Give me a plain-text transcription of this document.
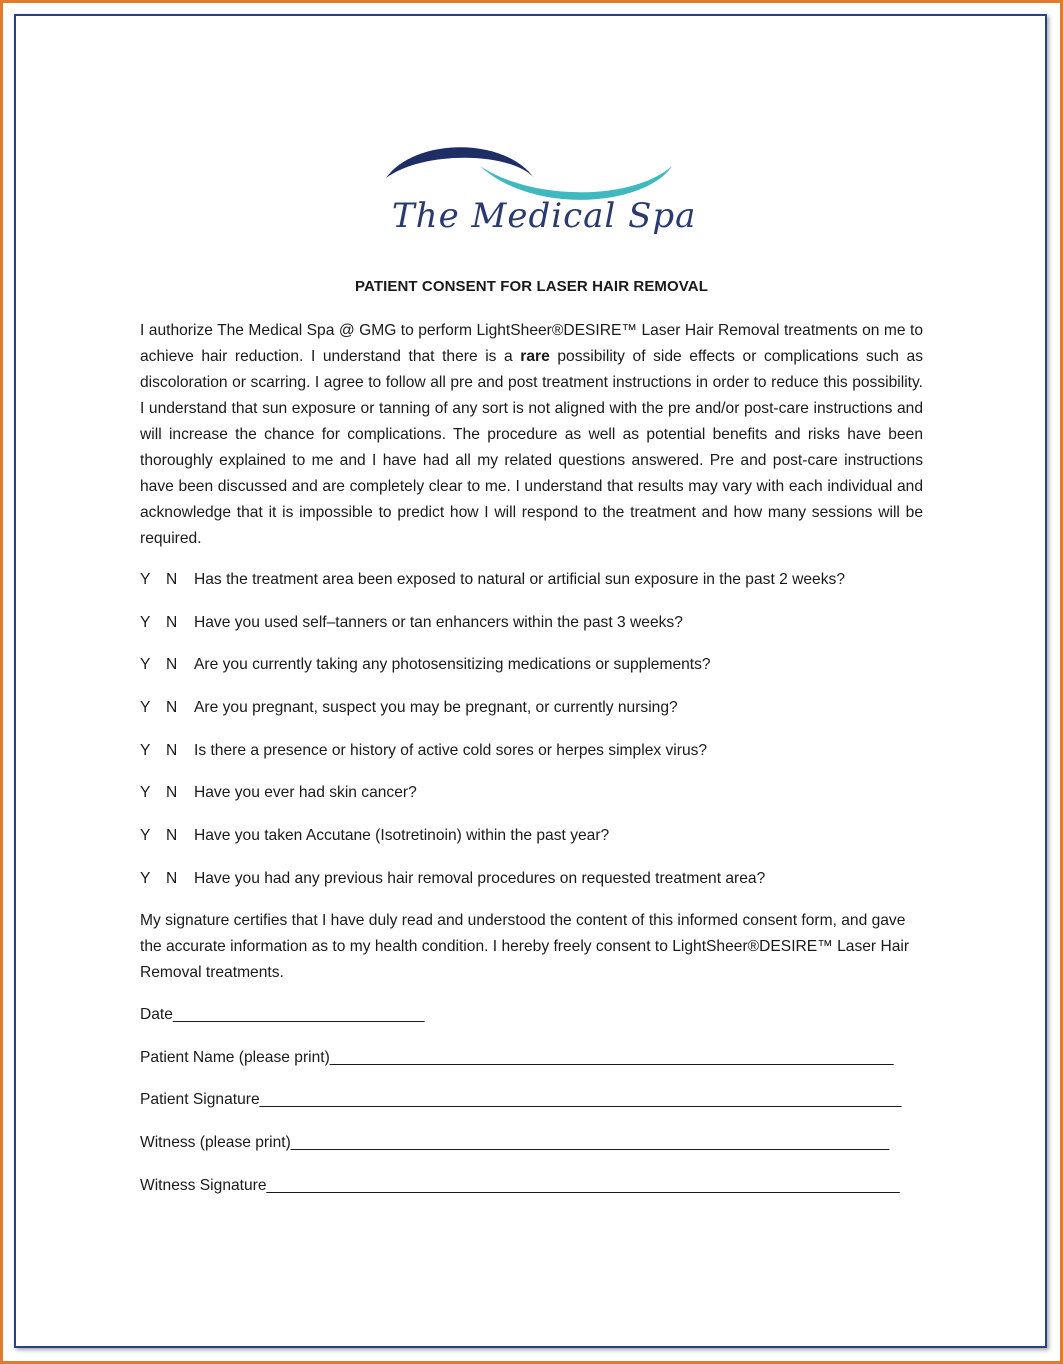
The Medical Spa
PATIENT CONSENT FOR LASER HAIR REMOVAL
I authorize The Medical Spa @ GMG to perform LightSheer®DESIRE™ Laser Hair Removal treatments on me to achieve hair reduction. I understand that there is a rare possibility of side effects or complications such as discoloration or scarring. I agree to follow all pre and post treatment instructions in order to reduce this possibility. I understand that sun exposure or tanning of any sort is not aligned with the pre and/or post-care instructions and will increase the chance for complications. The procedure as well as potential benefits and risks have been thoroughly explained to me and I have had all my related questions answered. Pre and post-care instructions have been discussed and are completely clear to me. I understand that results may vary with each individual and acknowledge that it is impossible to predict how I will respond to the treatment and how many sessions will be required.
Y N Has the treatment area been exposed to natural or artificial sun exposure in the past 2 weeks?
Y N Have you used self–tanners or tan enhancers within the past 3 weeks?
Y N Are you currently taking any photosensitizing medications or supplements?
Y N Are you pregnant, suspect you may be pregnant, or currently nursing?
Y N Is there a presence or history of active cold sores or herpes simplex virus?
Y N Have you ever had skin cancer?
Y N Have you taken Accutane (Isotretinoin) within the past year?
Y N Have you had any previous hair removal procedures on requested treatment area?
My signature certifies that I have duly read and understood the content of this informed consent form, and gave the accurate information as to my health condition. I hereby freely consent to LightSheer®DESIRE™ Laser Hair Removal treatments.
Date_____________________________
Patient Name (please print)_________________________________________________________________
Patient Signature__________________________________________________________________________
Witness (please print)_____________________________________________________________________
Witness Signature_________________________________________________________________________
